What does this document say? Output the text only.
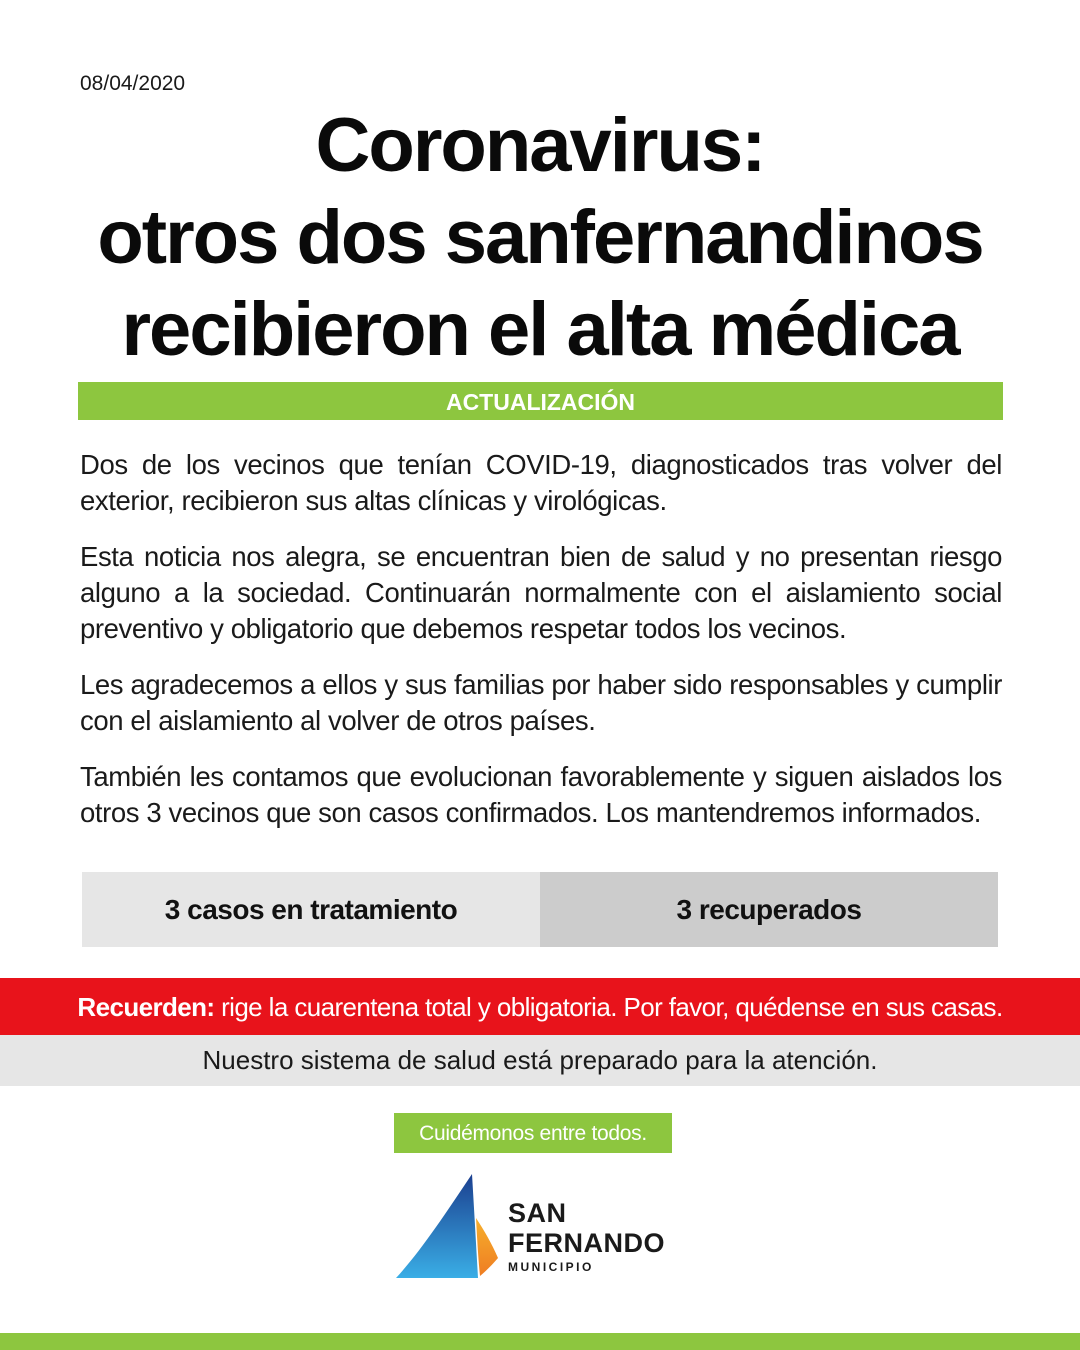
08/04/2020
Coronavirus:
otros dos sanfernandinos
recibieron el alta médica
ACTUALIZACIÓN

Dos de los vecinos que tenían COVID-19, diagnosticados tras volver del exterior, recibieron sus altas clínicas y virológicas.

Esta noticia nos alegra, se encuentran bien de salud y no presentan riesgo alguno a la sociedad. Continuarán normalmente con el aislamiento social preventivo y obligatorio que debemos respetar todos los vecinos.

Les agradecemos a ellos y sus familias por haber sido responsables y cumplir con el aislamiento al volver de otros países.

También les contamos que evolucionan favorablemente y siguen aislados los otros 3 vecinos que son casos confirmados. Los mantendremos informados.

3 casos en tratamiento	3 recuperados
Recuerden: rige la cuarentena total y obligatoria. Por favor, quédense en sus casas.
Nuestro sistema de salud está preparado para la atención.
Cuidémonos entre todos.
SAN
FERNANDO
MUNICIPIO
